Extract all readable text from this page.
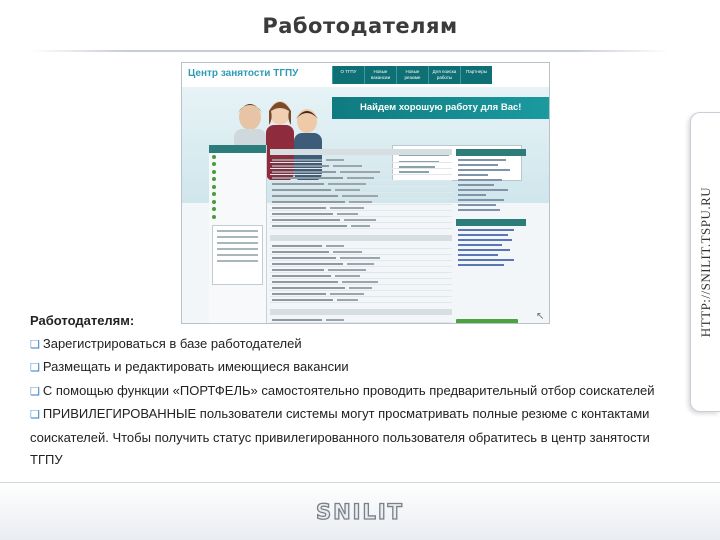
Работодателям
HTTP://SNILIT.TSPU.RU
Центр занятости ТГПУ	О ТГПУ	Новые вакансии
Новые резюме
Для поиска работы
Партнеры
Найдем хорошую работу для Вас!
↖
Работодателям:
❑ Зарегистрироваться в базе работодателей
❑ Размещать и редактировать имеющиеся вакансии
❑ С помощью функции «ПОРТФЕЛЬ» самостоятельно проводить предварительный отбор соискателей
❑ ПРИВИЛЕГИРОВАННЫЕ пользователи системы могут просматривать полные резюме с контактами соискателей. Чтобы получить статус привилегированного пользователя обратитесь в центр занятости ТГПУ
SNILIT
